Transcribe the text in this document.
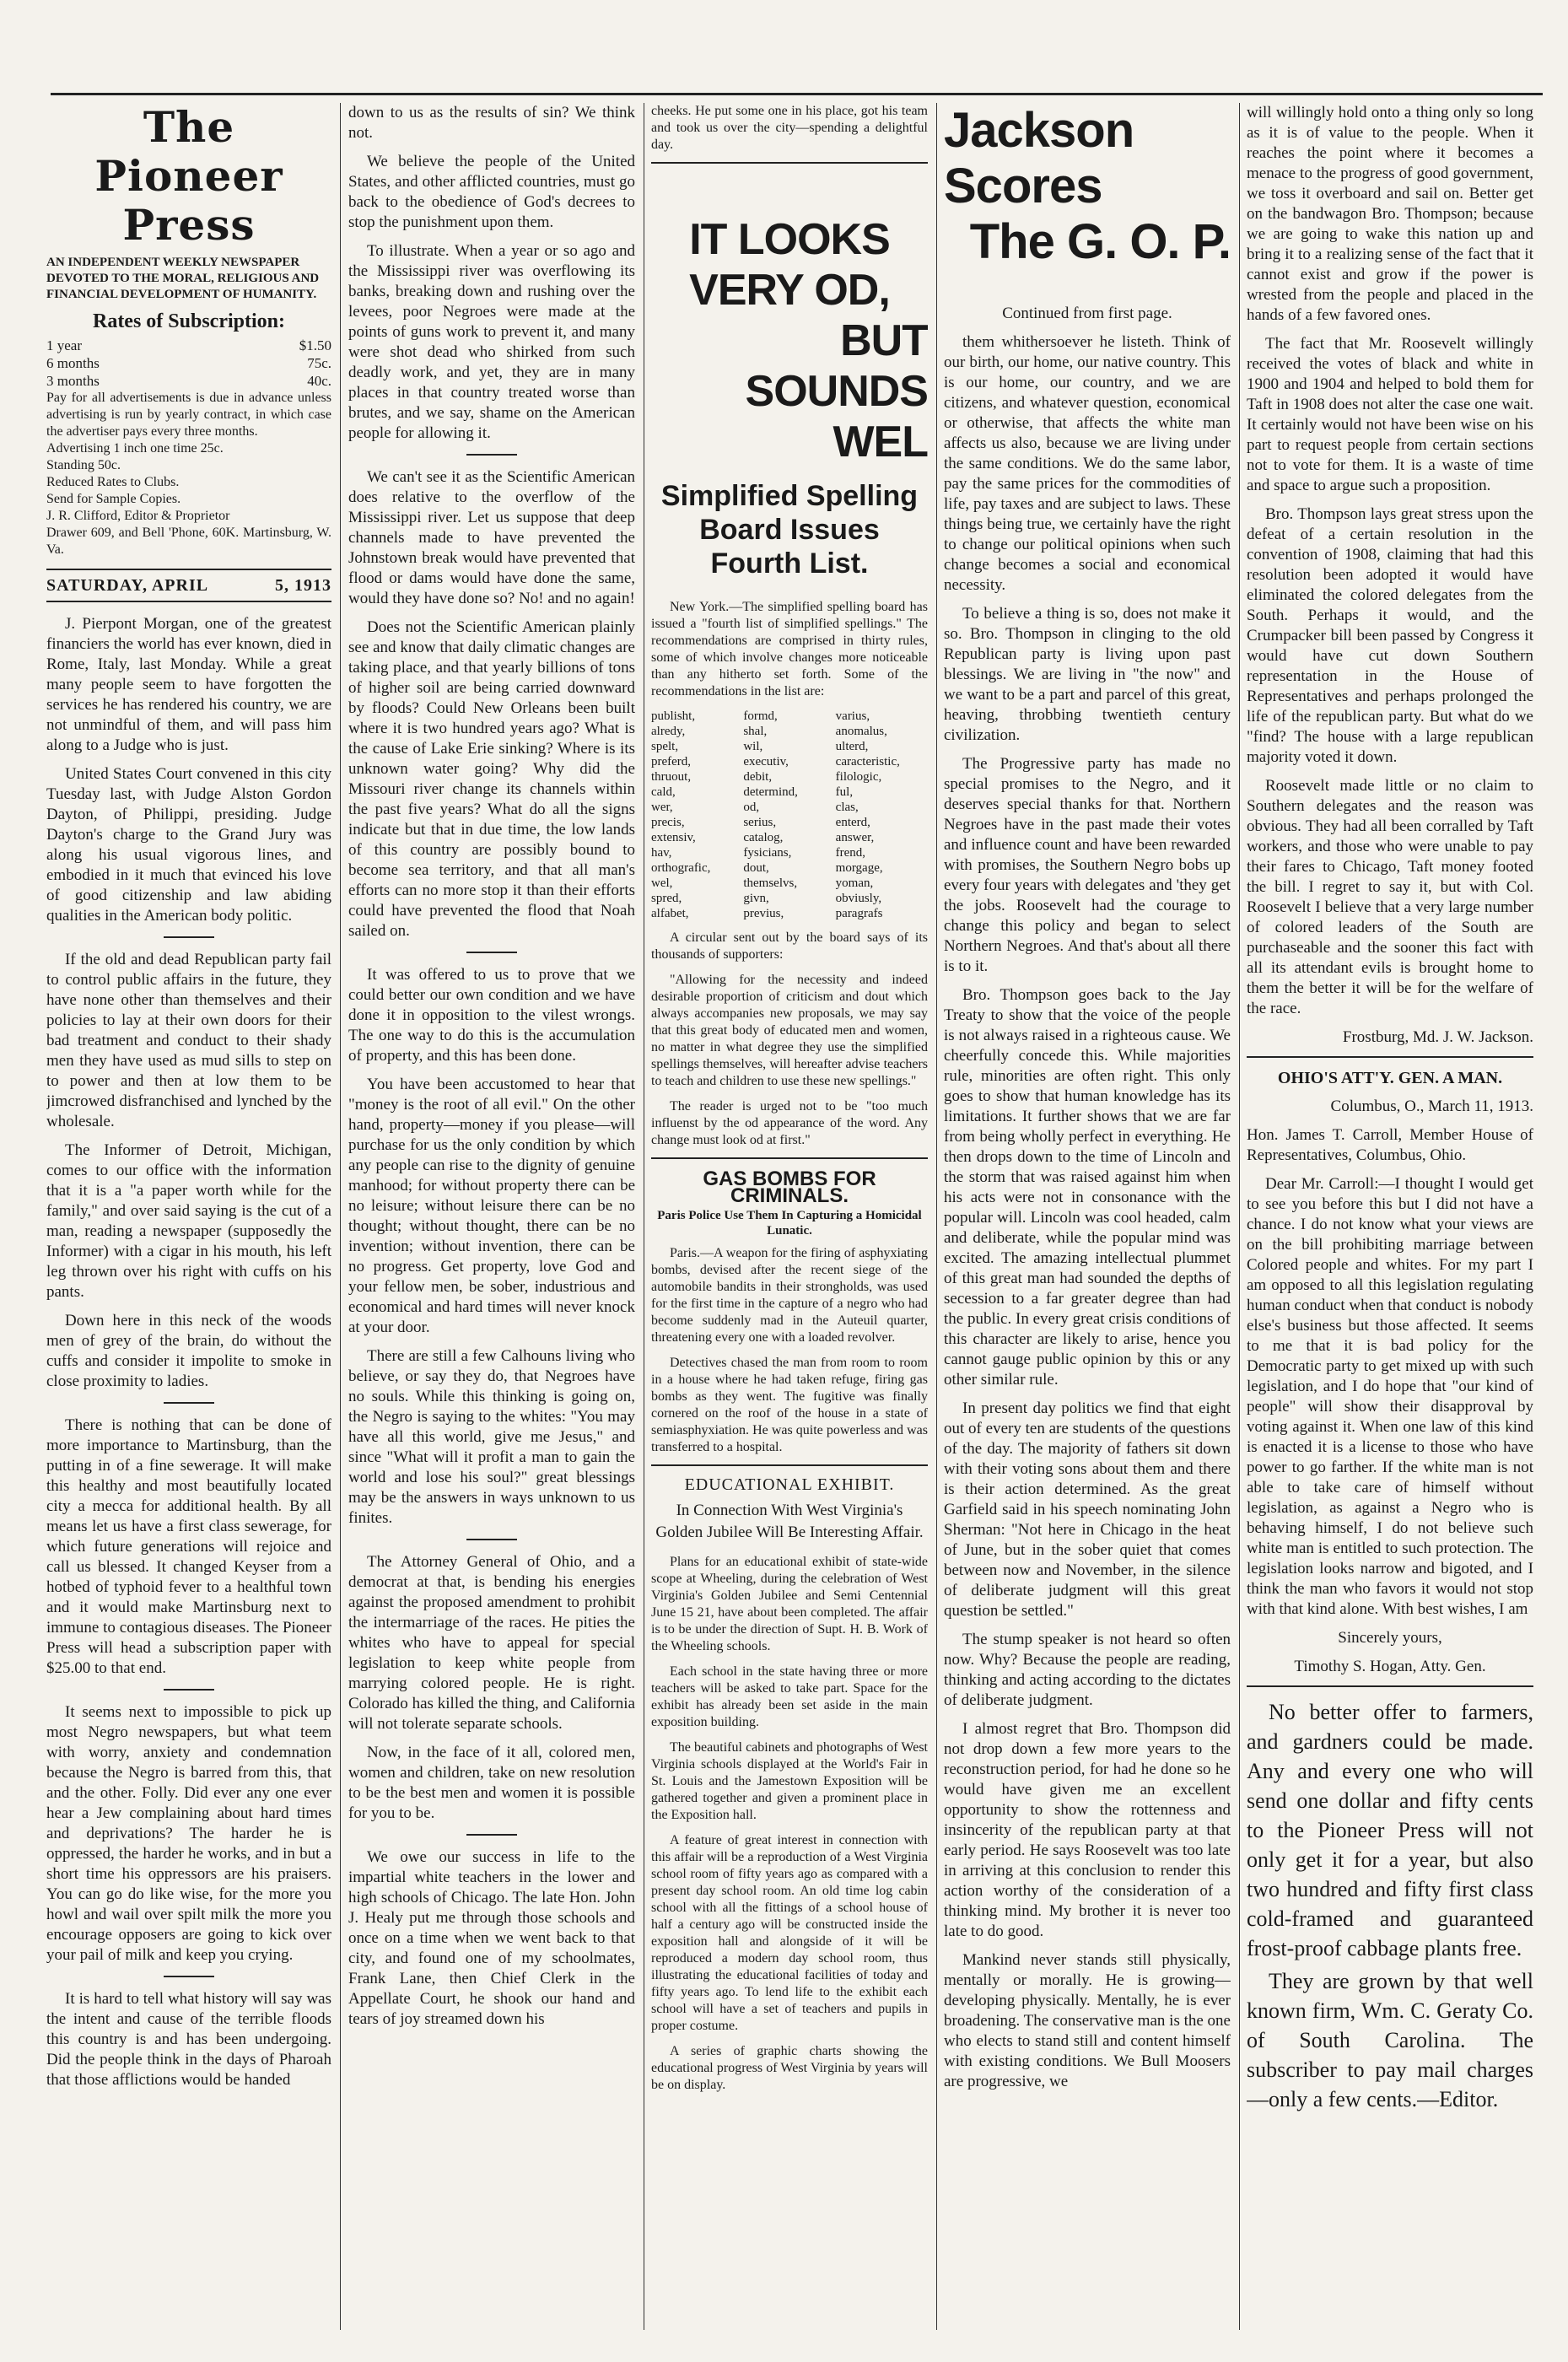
The Pioneer Press
AN INDEPENDENT WEEKLY NEWSPAPER DEVOTED TO THE MORAL, RELIGIOUS AND FINANCIAL DEVELOPMENT OF HUMANITY.
Rates of Subscription:
1 year	$1.50
6 months	75c.
3 months	40c.
Pay for all advertisements is due in advance unless advertising is run by yearly contract, in which case the advertiser pays every three months.
Advertising 1 inch one time 25c.
Standing 50c.
Reduced Rates to Clubs.
Send for Sample Copies.
J. R. Clifford, Editor & Proprietor
Drawer 609, and Bell 'Phone, 60K. Martinsburg, W. Va.
SATURDAY, APRIL	5, 1913

J. Pierpont Morgan, one of the greatest financiers the world has ever known, died in Rome, Italy, last Monday. While a great many people seem to have forgotten the services he has rendered his country, we are not unmindful of them, and will pass him along to a Judge who is just.

United States Court convened in this city Tuesday last, with Judge Alston Gordon Dayton, of Philippi, presiding. Judge Dayton's charge to the Grand Jury was along his usual vigorous lines, and embodied in it much that evinced his love of good citizenship and law abiding qualities in the American body politic.

If the old and dead Republican party fail to control public affairs in the future, they have none other than themselves and their policies to lay at their own doors for their bad treatment and conduct to their shady men they have used as mud sills to step on to power and then at low them to be jimcrowed disfranchised and lynched by the wholesale.

The Informer of Detroit, Michigan, comes to our office with the information that it is a "a paper worth while for the family," and over said saying is the cut of a man, reading a newspaper (supposedly the Informer) with a cigar in his mouth, his left leg thrown over his right with cuffs on his pants.

Down here in this neck of the woods men of grey of the brain, do without the cuffs and consider it impolite to smoke in close proximity to ladies.

There is nothing that can be done of more importance to Martinsburg, than the putting in of a fine sewerage. It will make this healthy and most beautifully located city a mecca for additional health. By all means let us have a first class sewerage, for which future generations will rejoice and call us blessed. It changed Keyser from a hotbed of typhoid fever to a healthful town and it would make Martinsburg next to immune to contagious diseases. The Pioneer Press will head a subscription paper with $25.00 to that end.

It seems next to impossible to pick up most Negro newspapers, but what teem with worry, anxiety and condemnation because the Negro is barred from this, that and the other. Folly. Did ever any one ever hear a Jew complaining about hard times and deprivations? The harder he is oppressed, the harder he works, and in but a short time his oppressors are his praisers. You can go do like wise, for the more you howl and wail over spilt milk the more you encourage opposers are going to kick over your pail of milk and keep you crying.

It is hard to tell what history will say was the intent and cause of the terrible floods this country is and has been undergoing. Did the people think in the days of Pharoah that those afflictions would be handed

down to us as the results of sin? We think not.

We believe the people of the United States, and other afflicted countries, must go back to the obedience of God's decrees to stop the punishment upon them.

To illustrate. When a year or so ago and the Mississippi river was overflowing its banks, breaking down and rushing over the levees, poor Negroes were made at the points of guns work to prevent it, and many were shot dead who shirked from such deadly work, and yet, they are in many places in that country treated worse than brutes, and we say, shame on the American people for allowing it.

We can't see it as the Scientific American does relative to the overflow of the Mississippi river. Let us suppose that deep channels made to have prevented the Johnstown break would have prevented that flood or dams would have done the same, would they have done so? No! and no again!

Does not the Scientific American plainly see and know that daily climatic changes are taking place, and that yearly billions of tons of higher soil are being carried downward by floods? Could New Orleans been built where it is two hundred years ago? What is the cause of Lake Erie sinking? Where is its unknown water going? Why did the Missouri river change its channels within the past five years? What do all the signs indicate but that in due time, the low lands of this country are possibly bound to become sea territory, and that all man's efforts can no more stop it than their efforts could have prevented the flood that Noah sailed on.

It was offered to us to prove that we could better our own condition and we have done it in opposition to the vilest wrongs. The one way to do this is the accumulation of property, and this has been done.

You have been accustomed to hear that "money is the root of all evil." On the other hand, property—money if you please—will purchase for us the only condition by which any people can rise to the dignity of genuine manhood; for without property there can be no leisure; without leisure there can be no thought; without thought, there can be no invention; without invention, there can be no progress. Get property, love God and your fellow men, be sober, industrious and economical and hard times will never knock at your door.

There are still a few Calhouns living who believe, or say they do, that Negroes have no souls. While this thinking is going on, the Negro is saying to the whites: "You may have all this world, give me Jesus," and since "What will it profit a man to gain the world and lose his soul?" great blessings may be the answers in ways unknown to us finites.

The Attorney General of Ohio, and a democrat at that, is bending his energies against the proposed amendment to prohibit the intermarriage of the races. He pities the whites who have to appeal for special legislation to keep white people from marrying colored people. He is right. Colorado has killed the thing, and California will not tolerate separate schools.

Now, in the face of it all, colored men, women and children, take on new resolution to be the best men and women it is possible for you to be.

We owe our success in life to the impartial white teachers in the lower and high schools of Chicago. The late Hon. John J. Healy put me through those schools and once on a time when we went back to that city, and found one of my schoolmates, Frank Lane, then Chief Clerk in the Appellate Court, he shook our hand and tears of joy streamed down his

cheeks. He put some one in his place, got his team and took us over the city—spending a delightful day.

IT LOOKS VERY OD,
BUT SOUNDS WEL
Simplified Spelling Board Issues Fourth List.

New York.—The simplified spelling board has issued a "fourth list of simplified spellings." The recommendations are comprised in thirty rules, some of which involve changes more noticeable than any hitherto set forth. Some of the recommendations in the list are:

publisht,	formd,	varius,
alredy,	shal,	anomalus,
spelt,	wil,	ulterd,
preferd,	executiv,	caracteristic,
thruout,	debit,	filologic,
cald,	determind,	ful,
wer,	od,	clas,
precis,	serius,	enterd,
extensiv,	catalog,	answer,
hav,	fysicians,	frend,
orthografic,	dout,	morgage,
wel,	themselvs,	yoman,
spred,	givn,	obviusly,
alfabet,	previus,	paragrafs

A circular sent out by the board says of its thousands of supporters:

"Allowing for the necessity and indeed desirable proportion of criticism and dout which always accompanies new proposals, we may say that this great body of educated men and women, no matter in what degree they use the simplified spellings themselves, will hereafter advise teachers to teach and children to use these new spellings."

The reader is urged not to be "too much influenst by the od appearance of the word. Any change must look od at first."

GAS BOMBS FOR CRIMINALS.
Paris Police Use Them In Capturing a Homicidal Lunatic.

Paris.—A weapon for the firing of asphyxiating bombs, devised after the recent siege of the automobile bandits in their strongholds, was used for the first time in the capture of a negro who had become suddenly mad in the Auteuil quarter, threatening every one with a loaded revolver.

Detectives chased the man from room to room in a house where he had taken refuge, firing gas bombs as they went. The fugitive was finally cornered on the roof of the house in a state of semiasphyxiation. He was quite powerless and was transferred to a hospital.

EDUCATIONAL EXHIBIT.
In Connection With West Virginia's Golden Jubilee Will Be Interesting Affair.

Plans for an educational exhibit of state-wide scope at Wheeling, during the celebration of West Virginia's Golden Jubilee and Semi Centennial June 15 21, have about been completed. The affair is to be under the direction of Supt. H. B. Work of the Wheeling schools.

Each school in the state having three or more teachers will be asked to take part. Space for the exhibit has already been set aside in the main exposition building.

The beautiful cabinets and photographs of West Virginia schools displayed at the World's Fair in St. Louis and the Jamestown Exposition will be gathered together and given a prominent place in the Exposition hall.

A feature of great interest in connection with this affair will be a reproduction of a West Virginia school room of fifty years ago as compared with a present day school room. An old time log cabin school with all the fittings of a school house of half a century ago will be constructed inside the exposition hall and alongside of it will be reproduced a modern day school room, thus illustrating the educational facilities of today and fifty years ago. To lend life to the exhibit each school will have a set of teachers and pupils in proper costume.

A series of graphic charts showing the educational progress of West Virginia by years will be on display.

Jackson Scores
The G. O. P.

Continued from first page.

them whithersoever he listeth. Think of our birth, our home, our native country. This is our home, our country, and we are citizens, and whatever question, economical or otherwise, that affects the white man affects us also, because we are living under the same conditions. We do the same labor, pay the same prices for the commodities of life, pay taxes and are subject to laws. These things being true, we certainly have the right to change our political opinions when such change becomes a social and economical necessity.

To believe a thing is so, does not make it so. Bro. Thompson in clinging to the old Republican party is living upon past blessings. We are living in "the now" and we want to be a part and parcel of this great, heaving, throbbing twentieth century civilization.

The Progressive party has made no special promises to the Negro, and it deserves special thanks for that. Northern Negroes have in the past made their votes and influence count and have been rewarded with promises, the Southern Negro bobs up every four years with delegates and 'they get the jobs. Roosevelt had the courage to change this policy and began to select Northern Negroes. And that's about all there is to it.

Bro. Thompson goes back to the Jay Treaty to show that the voice of the people is not always raised in a righteous cause. We cheerfully concede this. While majorities rule, minorities are often right. This only goes to show that human knowledge has its limitations. It further shows that we are far from being wholly perfect in everything. He then drops down to the time of Lincoln and the storm that was raised against him when his acts were not in consonance with the popular will. Lincoln was cool headed, calm and deliberate, while the popular mind was excited. The amazing intellectual plummet of this great man had sounded the depths of secession to a far greater degree than had the public. In every great crisis conditions of this character are likely to arise, hence you cannot gauge public opinion by this or any other similar rule.

In present day politics we find that eight out of every ten are students of the questions of the day. The majority of fathers sit down with their voting sons about them and there is their action determined. As the great Garfield said in his speech nominating John Sherman: "Not here in Chicago in the heat of June, but in the sober quiet that comes between now and November, in the silence of deliberate judgment will this great question be settled."

The stump speaker is not heard so often now. Why? Because the people are reading, thinking and acting according to the dictates of deliberate judgment.

I almost regret that Bro. Thompson did not drop down a few more years to the reconstruction period, for had he done so he would have given me an excellent opportunity to show the rottenness and insincerity of the republican party at that early period. He says Roosevelt was too late in arriving at this conclusion to render this action worthy of the consideration of a thinking mind. My brother it is never too late to do good.

Mankind never stands still physically, mentally or morally. He is growing—developing physically. Mentally, he is ever broadening. The conservative man is the one who elects to stand still and content himself with existing conditions. We Bull Moosers are progressive, we

will willingly hold onto a thing only so long as it is of value to the people. When it reaches the point where it becomes a menace to the progress of good government, we toss it overboard and sail on. Better get on the bandwagon Bro. Thompson; because we are going to wake this nation up and bring it to a realizing sense of the fact that it cannot exist and grow if the power is wrested from the people and placed in the hands of a few favored ones.

The fact that Mr. Roosevelt willingly received the votes of black and white in 1900 and 1904 and helped to bold them for Taft in 1908 does not alter the case one wait. It certainly would not have been wise on his part to request people from certain sections not to vote for them. It is a waste of time and space to argue such a proposition.

Bro. Thompson lays great stress upon the defeat of a certain resolution in the convention of 1908, claiming that had this resolution been adopted it would have eliminated the colored delegates from the South. Perhaps it would, and the Crumpacker bill been passed by Congress it would have cut down Southern representation in the House of Representatives and perhaps prolonged the life of the republican party. But what do we "find? The house with a large republican majority voted it down.

Roosevelt made little or no claim to Southern delegates and the reason was obvious. They had all been corralled by Taft workers, and those who were unable to pay their fares to Chicago, Taft money footed the bill. I regret to say it, but with Col. Roosevelt I believe that a very large number of colored leaders of the South are purchaseable and the sooner this fact with all its attendant evils is brought home to them the better it will be for the welfare of the race.

Frostburg, Md. J. W. Jackson.

OHIO'S ATT'Y. GEN. A MAN.

Columbus, O., March 11, 1913.

Hon. James T. Carroll, Member House of Representatives, Columbus, Ohio.

Dear Mr. Carroll:—I thought I would get to see you before this but I did not have a chance. I do not know what your views are on the bill prohibiting marriage between Colored people and whites. For my part I am opposed to all this legislation regulating human conduct when that conduct is nobody else's business but those affected. It seems to me that it is bad policy for the Democratic party to get mixed up with such legislation, and I do hope that "our kind of people" will show their disapproval by voting against it. When one law of this kind is enacted it is a license to those who have power to go farther. If the white man is not able to take care of himself without legislation, as against a Negro who is behaving himself, I do not believe such white man is entitled to such protection. The legislation looks narrow and bigoted, and I think the man who favors it would not stop with that kind alone. With best wishes, I am

Sincerely yours,

Timothy S. Hogan, Atty. Gen.

No better offer to farmers, and gardners could be made. Any and every one who will send one dollar and fifty cents to the Pioneer Press will not only get it for a year, but also two hundred and fifty first class cold-framed and guaranteed frost-proof cabbage plants free.

They are grown by that well known firm, Wm. C. Geraty Co. of South Carolina. The subscriber to pay mail charges—only a few cents.—Editor.
